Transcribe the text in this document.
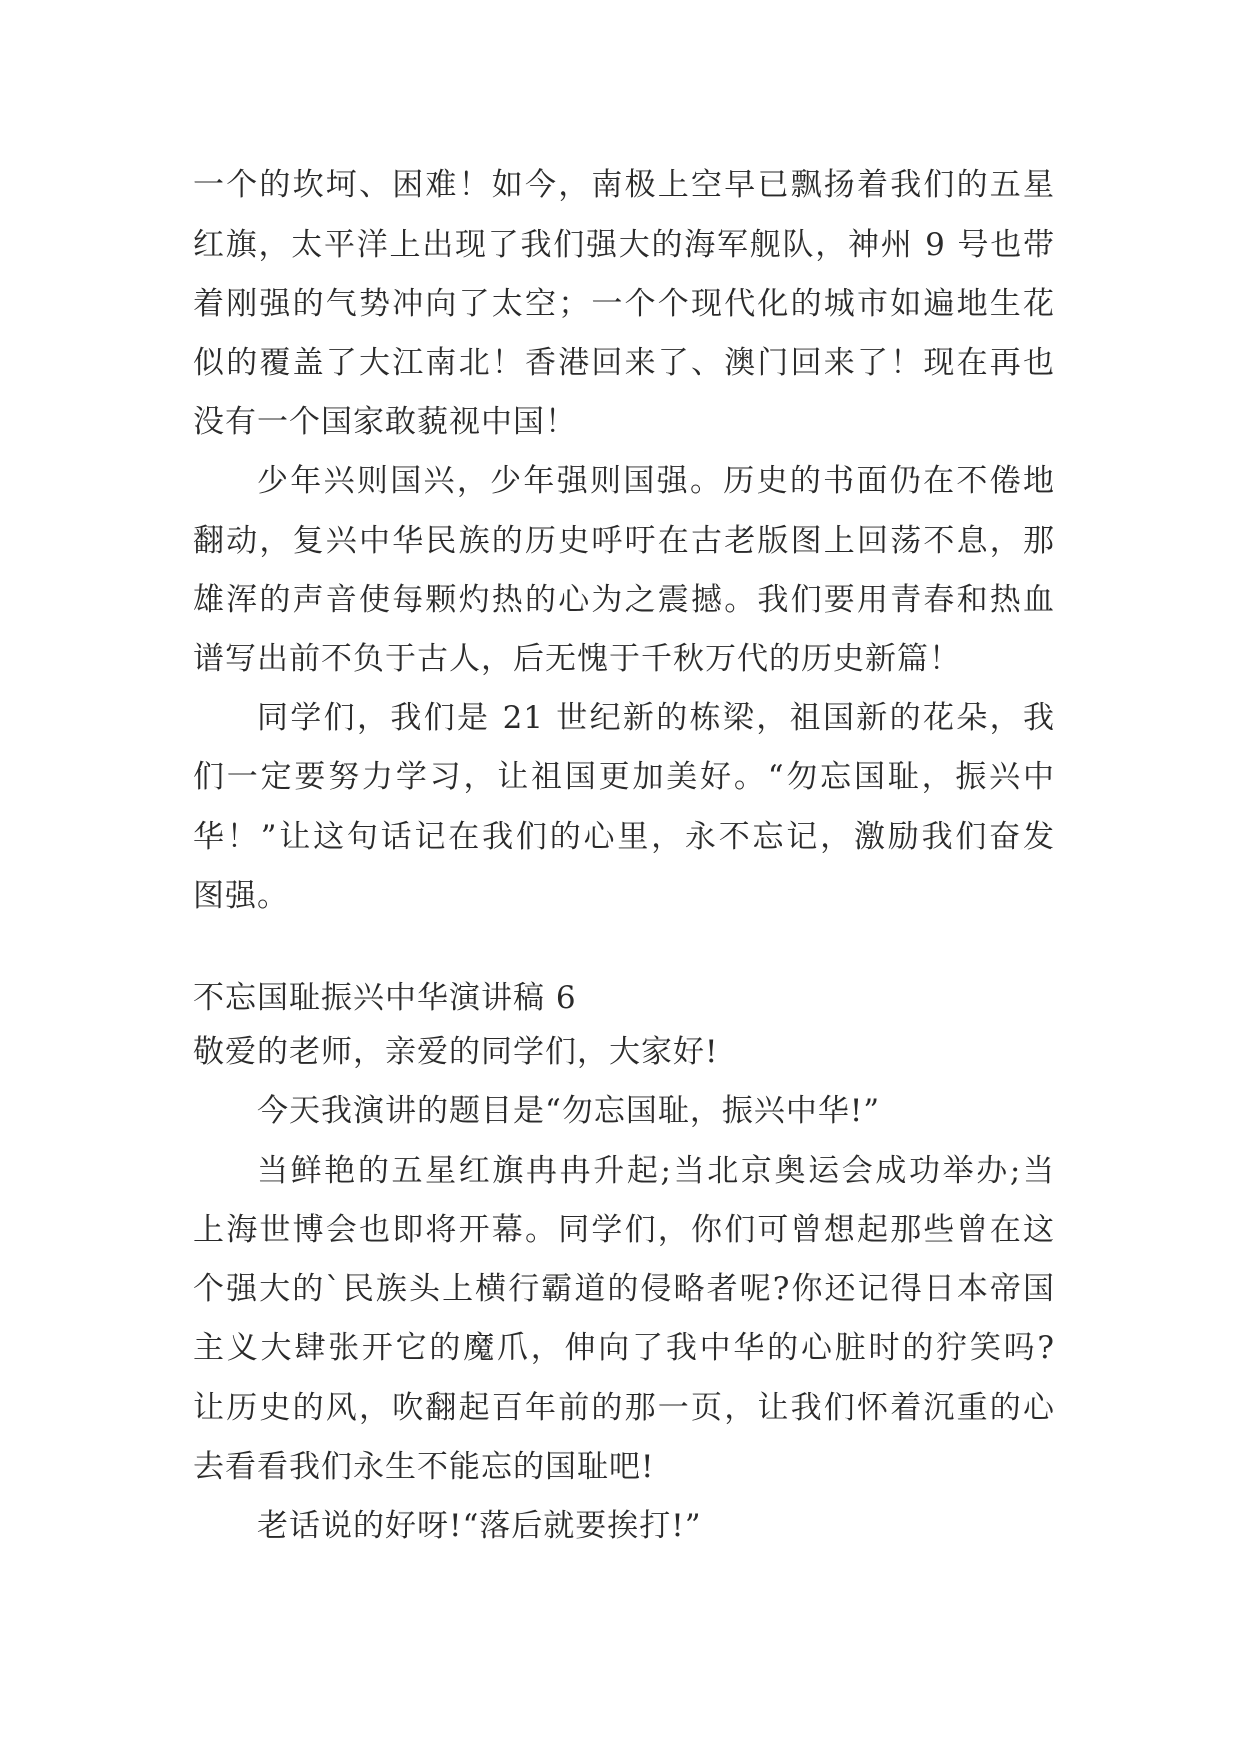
一个的坎坷、困难！如今，南极上空早已飘扬着我们的五星
红旗，太平洋上出现了我们强大的海军舰队，神州 9 号也带
着刚强的气势冲向了太空；一个个现代化的城市如遍地生花
似的覆盖了大江南北！香港回来了、澳门回来了！现在再也
没有一个国家敢藐视中国！
少年兴则国兴，少年强则国强。历史的书面仍在不倦地
翻动，复兴中华民族的历史呼吁在古老版图上回荡不息，那
雄浑的声音使每颗灼热的心为之震撼。我们要用青春和热血
谱写出前不负于古人，后无愧于千秋万代的历史新篇！
同学们，我们是 21 世纪新的栋梁，祖国新的花朵，我
们一定要努力学习，让祖国更加美好。“勿忘国耻，振兴中
华！”让这句话记在我们的心里，永不忘记，激励我们奋发
图强。
不忘国耻振兴中华演讲稿 6
敬爱的老师，亲爱的同学们，大家好!
今天我演讲的题目是“勿忘国耻，振兴中华!”
当鲜艳的五星红旗冉冉升起;当北京奥运会成功举办;当
上海世博会也即将开幕。同学们，你们可曾想起那些曾在这
个强大的`民族头上横行霸道的侵略者呢?你还记得日本帝国
主义大肆张开它的魔爪，伸向了我中华的心脏时的狞笑吗?
让历史的风，吹翻起百年前的那一页，让我们怀着沉重的心
去看看我们永生不能忘的国耻吧!
老话说的好呀!“落后就要挨打!”
